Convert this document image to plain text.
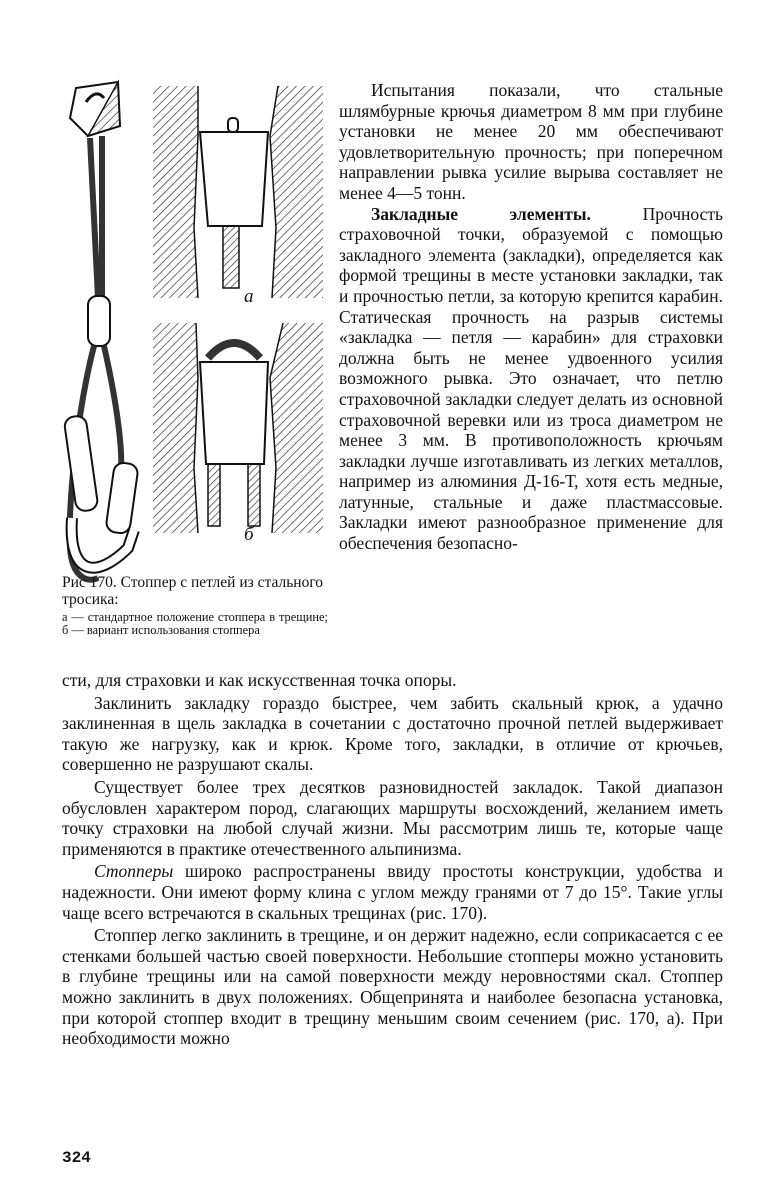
а
б

Рис 170. Стоппер с петлей из стального тросика:

а — стандартное положение стоппера в трещине; б — вариант использования стоппера

Испытания показали, что стальные шлямбурные крючья диаметром 8 мм при глубине установки не менее 20 мм обеспечивают удовлетворительную прочность; при поперечном направлении рывка усилие вырыва составляет не менее 4—5 тонн.

Закладные элементы. Прочность страховочной точки, образуемой с помощью закладного элемента (закладки), определяется как формой трещины в месте установки закладки, так и прочностью петли, за которую крепится карабин. Статическая прочность на разрыв системы «закладка — петля — карабин» для страховки должна быть не менее удвоенного усилия возможного рывка. Это означает, что петлю страховочной закладки следует делать из основной страховочной веревки или из троса диаметром не менее 3 мм. В противоположность крючьям закладки лучше изготавливать из легких металлов, например из алюминия Д-16-Т, хотя есть медные, латунные, стальные и даже пластмассовые. Закладки имеют разнообразное применение для обеспечения безопасно-

сти, для страховки и как искусственная точка опоры.

Заклинить закладку гораздо быстрее, чем забить скальный крюк, а удачно заклиненная в щель закладка в сочетании с достаточно прочной петлей выдерживает такую же нагрузку, как и крюк. Кроме того, закладки, в отличие от крючьев, совершенно не разрушают скалы.

Существует более трех десятков разновидностей закладок. Такой диапазон обусловлен характером пород, слагающих маршруты восхождений, желанием иметь точку страховки на любой случай жизни. Мы рассмотрим лишь те, которые чаще применяются в практике отечественного альпинизма.

Стопперы широко распространены ввиду простоты конструкции, удобства и надежности. Они имеют форму клина с углом между гранями от 7 до 15°. Такие углы чаще всего встречаются в скальных трещинах (рис. 170).

Стоппер легко заклинить в трещине, и он держит надежно, если соприкасается с ее стенками большей частью своей поверхности. Небольшие стопперы можно установить в глубине трещины или на самой поверхности между неровностями скал. Стоппер можно заклинить в двух положениях. Общепринята и наиболее безопасна установка, при которой стоппер входит в трещину меньшим своим сечением (рис. 170, а). При необходимости можно

324
